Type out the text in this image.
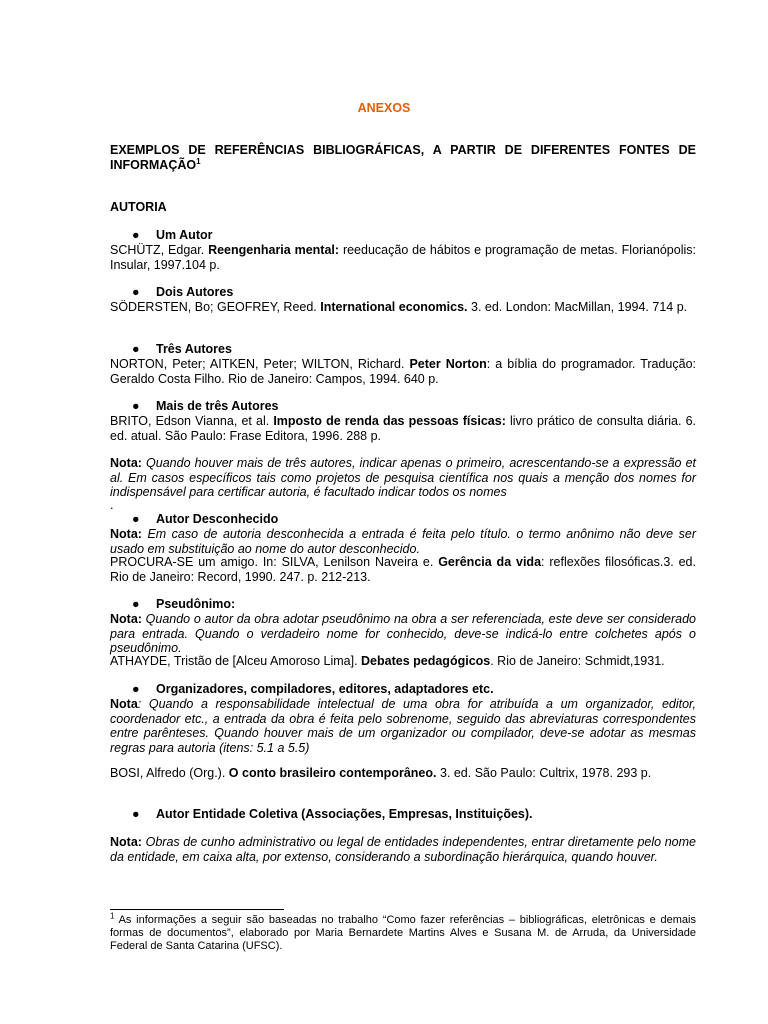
ANEXOS
EXEMPLOS DE REFERÊNCIAS BIBLIOGRÁFICAS, A PARTIR DE DIFERENTES FONTES DE INFORMAÇÃO$^1$
AUTORIA
● Um Autor
SCHÜTZ, Edgar. Reengenharia mental: reeducação de hábitos e programação de metas. Florianópolis: Insular, 1997.104 p.
● Dois Autores
SÖDERSTEN, Bo; GEOFREY, Reed. International economics. 3. ed. London: MacMillan, 1994. 714 p.
● Três Autores
NORTON, Peter; AITKEN, Peter; WILTON, Richard. Peter Norton: a bíblia do programador. Tradução: Geraldo Costa Filho. Rio de Janeiro: Campos, 1994. 640 p.
● Mais de três Autores
BRITO, Edson Vianna, et al. Imposto de renda das pessoas físicas: livro prático de consulta diária. 6. ed. atual. São Paulo: Frase Editora, 1996. 288 p.
Nota: Quando houver mais de três autores, indicar apenas o primeiro, acrescentando-se a expressão et al. Em casos específicos tais como projetos de pesquisa científica nos quais a menção dos nomes for indispensável para certificar autoria, é facultado indicar todos os nomes
.
● Autor Desconhecido
Nota: Em caso de autoria desconhecida a entrada é feita pelo título. o termo anônimo não deve ser usado em substituição ao nome do autor desconhecido.
PROCURA-SE um amigo. In: SILVA, Lenilson Naveira e. Gerência da vida: reflexões filosóficas.3. ed. Rio de Janeiro: Record, 1990. 247. p. 212-213.
● Pseudônimo:
Nota: Quando o autor da obra adotar pseudônimo na obra a ser referenciada, este deve ser considerado para entrada. Quando o verdadeiro nome for conhecido, deve-se indicá-lo entre colchetes após o pseudônimo.
ATHAYDE, Tristão de [Alceu Amoroso Lima]. Debates pedagógicos. Rio de Janeiro: Schmidt,1931.
● Organizadores, compiladores, editores, adaptadores etc.
Nota: Quando a responsabilidade intelectual de uma obra for atribuída a um organizador, editor, coordenador etc., a entrada da obra é feita pelo sobrenome, seguido das abreviaturas correspondentes entre parênteses. Quando houver mais de um organizador ou compilador, deve-se adotar as mesmas regras para autoria (itens: 5.1 a 5.5)
BOSI, Alfredo (Org.). O conto brasileiro contemporâneo. 3. ed. São Paulo: Cultrix, 1978. 293 p.
● Autor Entidade Coletiva (Associações, Empresas, Instituições).
Nota: Obras de cunho administrativo ou legal de entidades independentes, entrar diretamente pelo nome da entidade, em caixa alta, por extenso, considerando a subordinação hierárquica, quando houver.
$^1$ As informações a seguir são baseadas no trabalho “Como fazer referências – bibliográficas, eletrônicas e demais formas de documentos”, elaborado por Maria Bernardete Martins Alves e Susana M. de Arruda, da Universidade Federal de Santa Catarina (UFSC).
